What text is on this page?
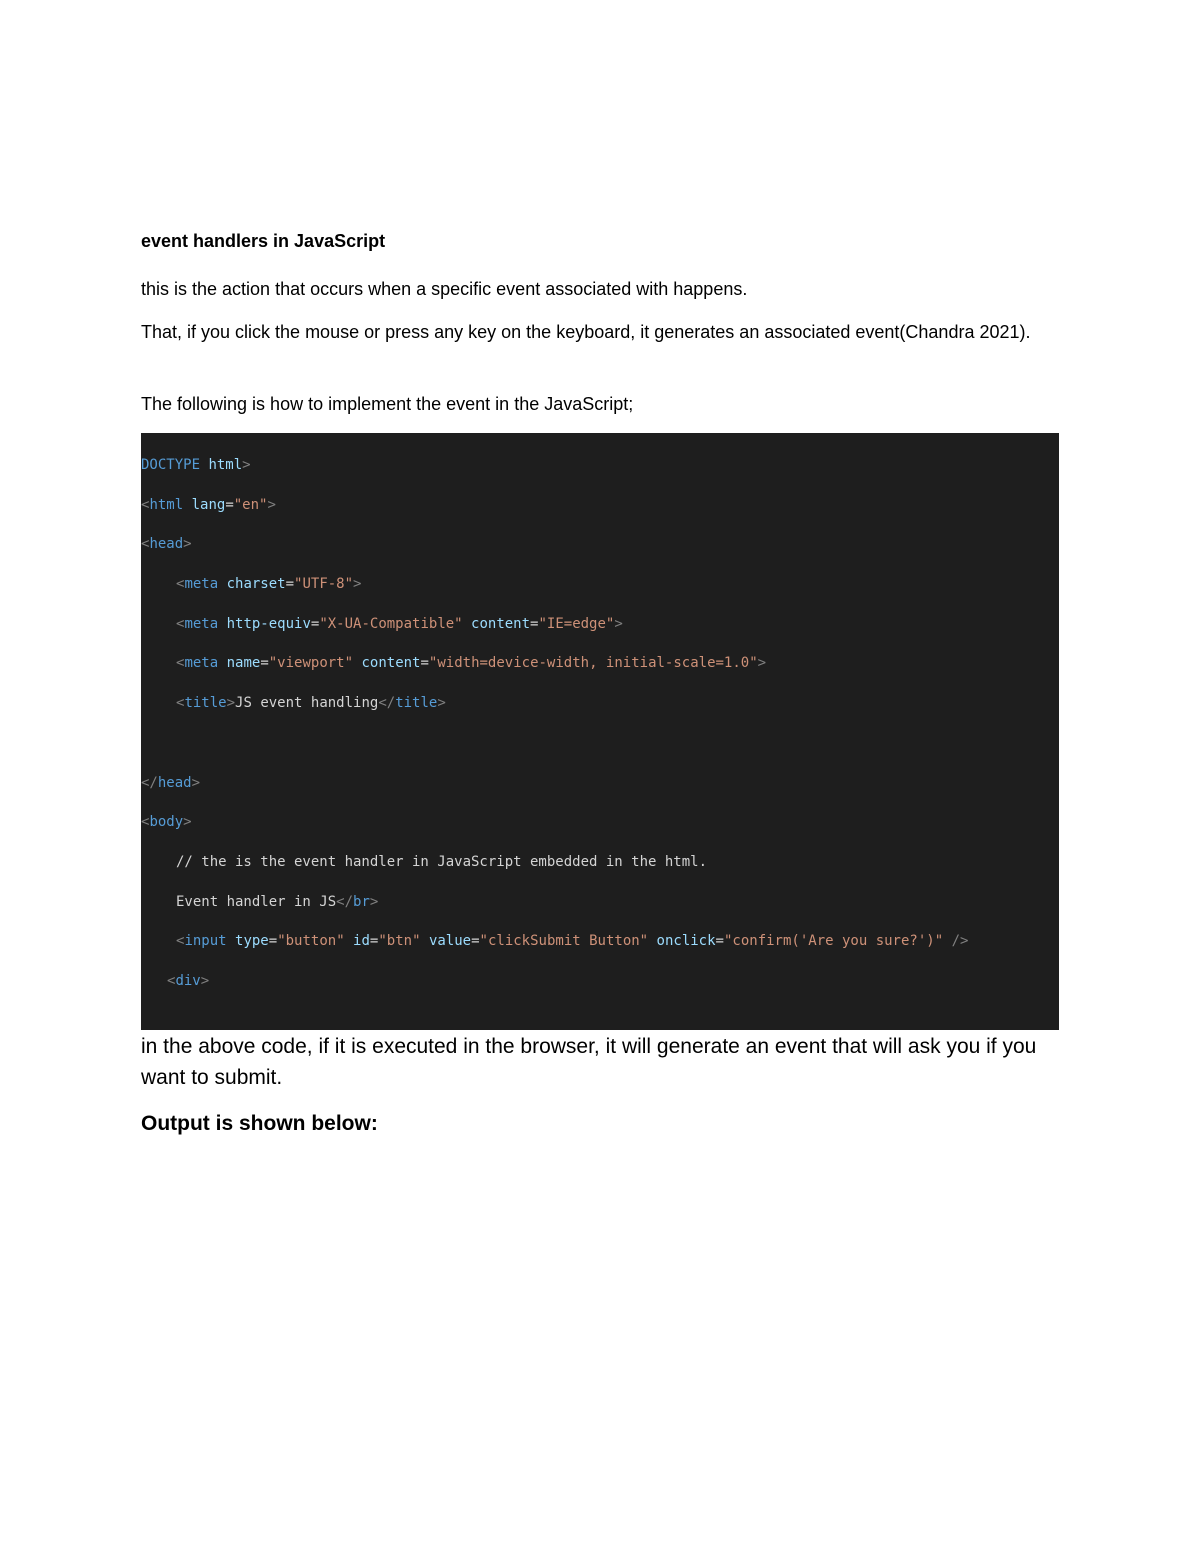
event handlers in JavaScript
this is the action that occurs when a specific event associated with happens.
That, if you click the mouse or press any key on the keyboard, it generates an associated event(Chandra 2021).
The following is how to implement the event in the JavaScript;
DOCTYPE html>
<html lang="en">
<head>
<meta charset="UTF-8">
<meta http-equiv="X-UA-Compatible" content="IE=edge">
<meta name="viewport" content="width=device-width, initial-scale=1.0">
<title>JS event handling</title>
</head>
<body>
// the is the event handler in JavaScript embedded in the html.
Event handler in JS</br>
<input type="button" id="btn" value="clickSubmit Button" onclick="confirm('Are you sure?')" />
<div>
in the above code, if it is executed in the browser, it will generate an event that will ask you if you want to submit.
Output is shown below:
